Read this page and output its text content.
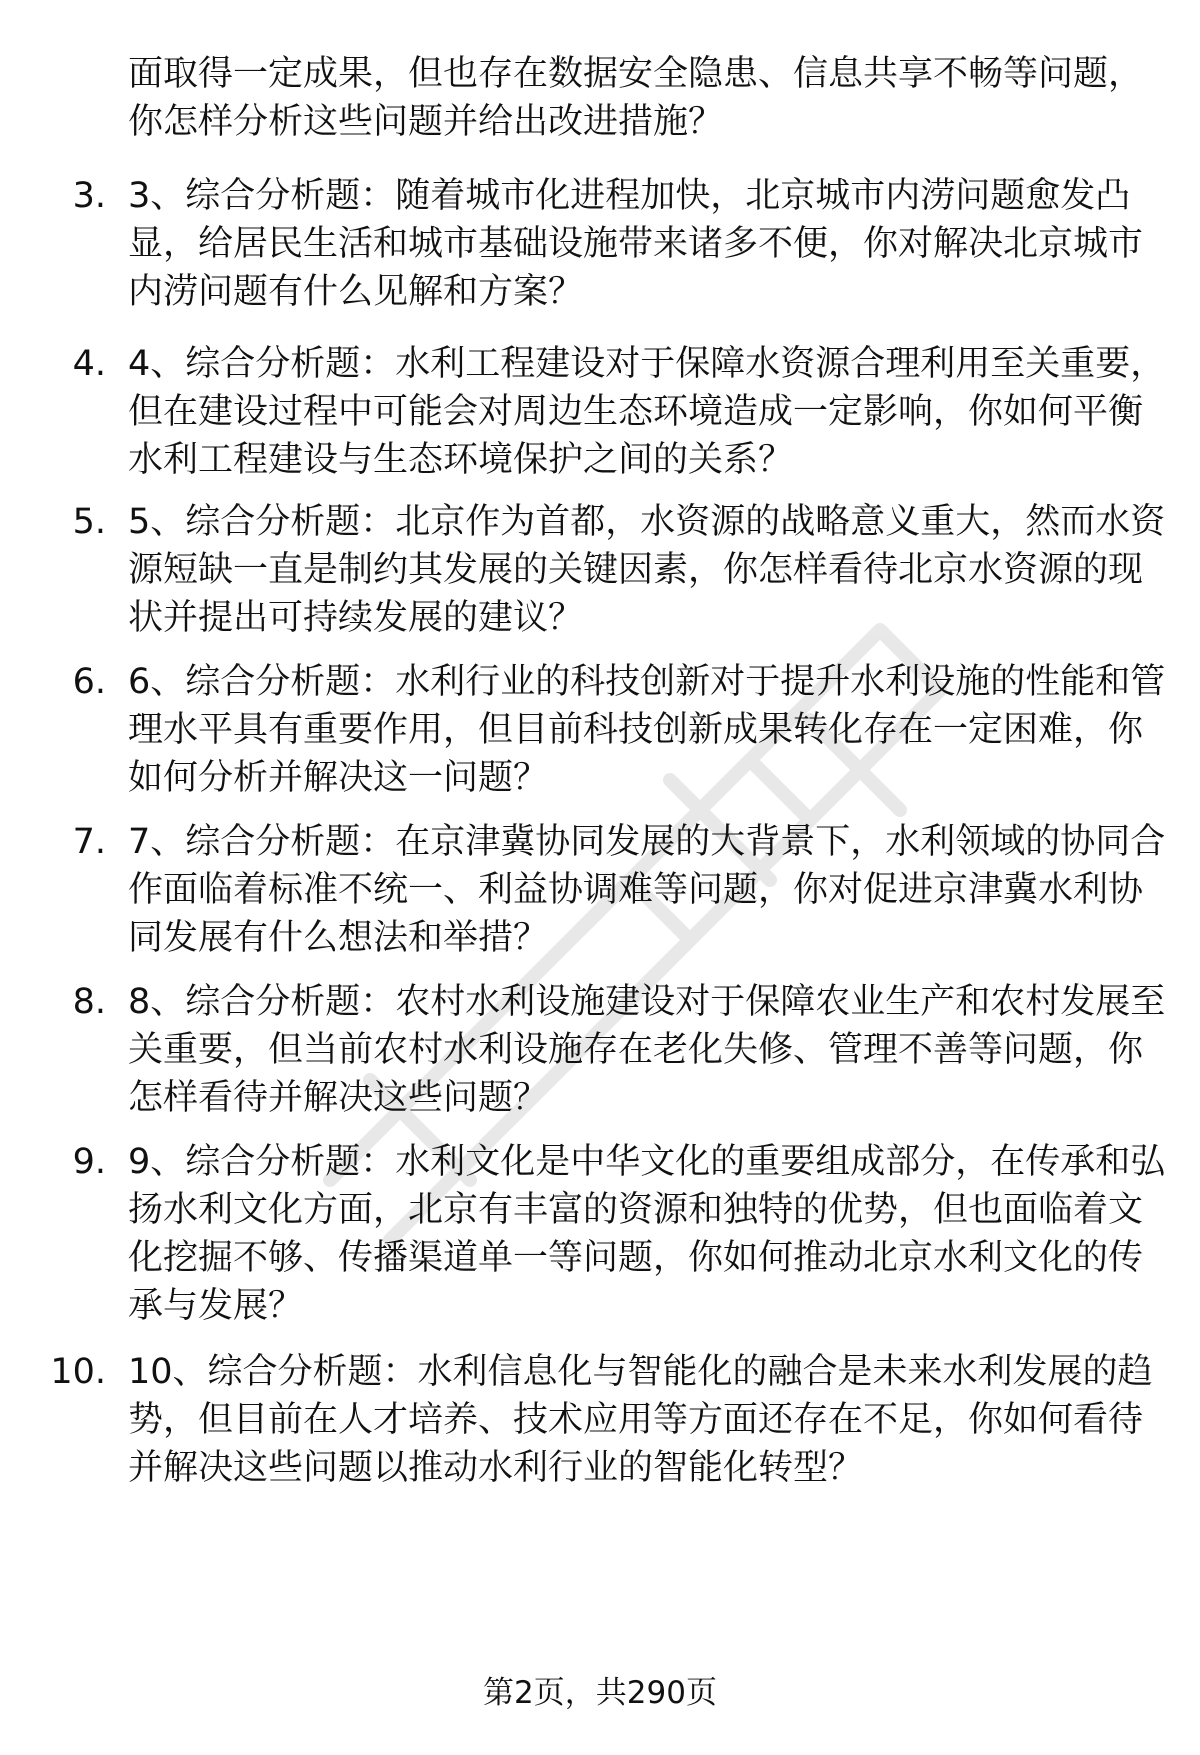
面取得一定成果，但也存在数据安全隐患、信息共享不畅等问题，你怎样分析这些问题并给出改进措施？
3. 3、综合分析题：随着城市化进程加快，北京城市内涝问题愈发凸显，给居民生活和城市基础设施带来诸多不便，你对解决北京城市内涝问题有什么见解和方案？
4. 4、综合分析题：水利工程建设对于保障水资源合理利用至关重要，但在建设过程中可能会对周边生态环境造成一定影响，你如何平衡水利工程建设与生态环境保护之间的关系？
5. 5、综合分析题：北京作为首都，水资源的战略意义重大，然而水资源短缺一直是制约其发展的关键因素，你怎样看待北京水资源的现状并提出可持续发展的建议？
6. 6、综合分析题：水利行业的科技创新对于提升水利设施的性能和管理水平具有重要作用，但目前科技创新成果转化存在一定困难，你如何分析并解决这一问题？
7. 7、综合分析题：在京津冀协同发展的大背景下，水利领域的协同合作面临着标准不统一、利益协调难等问题，你对促进京津冀水利协同发展有什么想法和举措？
8. 8、综合分析题：农村水利设施建设对于保障农业生产和农村发展至关重要，但当前农村水利设施存在老化失修、管理不善等问题，你怎样看待并解决这些问题？
9. 9、综合分析题：水利文化是中华文化的重要组成部分，在传承和弘扬水利文化方面，北京有丰富的资源和独特的优势，但也面临着文化挖掘不够、传播渠道单一等问题，你如何推动北京水利文化的传承与发展？
10. 10、综合分析题：水利信息化与智能化的融合是未来水利发展的趋势，但目前在人才培养、技术应用等方面还存在不足，你如何看待并解决这些问题以推动水利行业的智能化转型？
第2页，共290页
